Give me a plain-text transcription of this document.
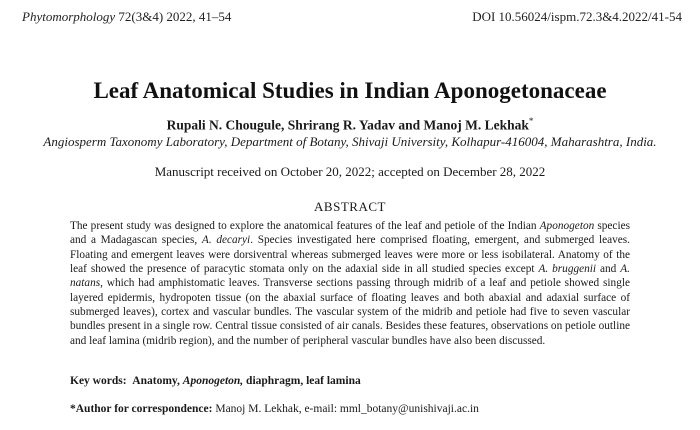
Phytomorphology 72(3&4) 2022, 41–54	DOI 10.56024/ispm.72.3&4.2022/41-54
Leaf Anatomical Studies in Indian Aponogetonaceae
Rupali N. Chougule, Shrirang R. Yadav and Manoj M. Lekhak*
Angiosperm Taxonomy Laboratory, Department of Botany, Shivaji University, Kolhapur-416004, Maharashtra, India.
Manuscript received on October 20, 2022; accepted on December 28, 2022
ABSTRACT
The present study was designed to explore the anatomical features of the leaf and petiole of the Indian Aponogeton species and a Madagascan species, A. decaryi. Species investigated here comprised floating, emergent, and submerged leaves. Floating and emergent leaves were dorsiventral whereas submerged leaves were more or less isobilateral. Anatomy of the leaf showed the presence of paracytic stomata only on the adaxial side in all studied species except A. bruggenii and A. natans, which had amphistomatic leaves. Transverse sections passing through midrib of a leaf and petiole showed single layered epidermis, hydropoten tissue (on the abaxial surface of floating leaves and both abaxial and adaxial surface of submerged leaves), cortex and vascular bundles. The vascular system of the midrib and petiole had five to seven vascular bundles present in a single row. Central tissue consisted of air canals. Besides these features, observations on petiole outline and leaf lamina (midrib region), and the number of peripheral vascular bundles have also been discussed.
Key words: Anatomy, Aponogeton, diaphragm, leaf lamina
*Author for correspondence: Manoj M. Lekhak, e-mail: mml_botany@unishivaji.ac.in
